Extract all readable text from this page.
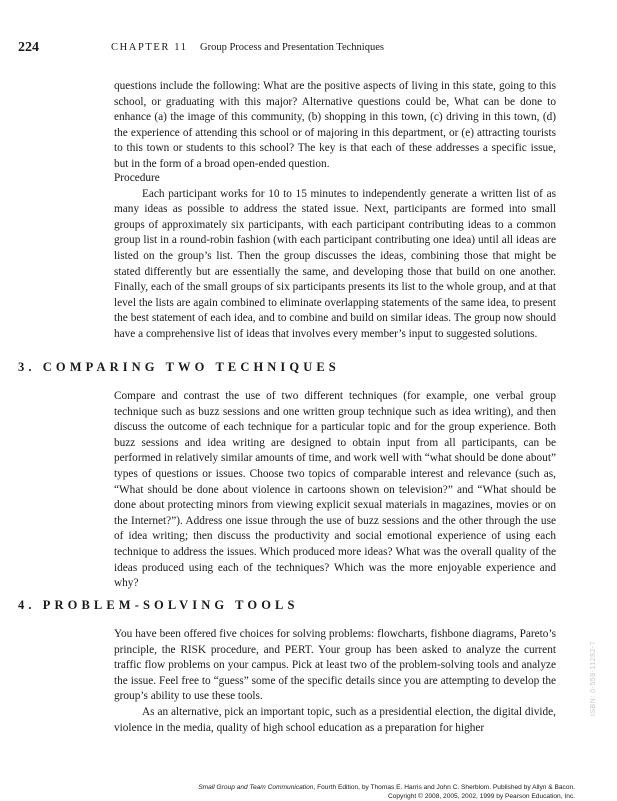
224	CHAPTER 11 Group Process and Presentation Techniques

questions include the following: What are the positive aspects of living in this state, going to this school, or graduating with this major? Alternative questions could be, What can be done to enhance (a) the image of this community, (b) shopping in this town, (c) driving in this town, (d) the experience of attending this school or of majoring in this department, or (e) attracting tourists to this town or students to this school? The key is that each of these addresses a specific issue, but in the form of a broad open-ended question.

Procedure

Each participant works for 10 to 15 minutes to independently generate a written list of as many ideas as possible to address the stated issue. Next, participants are formed into small groups of approximately six participants, with each participant contributing ideas to a common group list in a round-robin fashion (with each participant contributing one idea) until all ideas are listed on the group’s list. Then the group discusses the ideas, combining those that might be stated differently but are essentially the same, and developing those that build on one another. Finally, each of the small groups of six participants presents its list to the whole group, and at that level the lists are again combined to eliminate overlapping statements of the same idea, to present the best statement of each idea, and to combine and build on similar ideas. The group now should have a comprehensive list of ideas that involves every member’s input to suggested solutions.

3. COMPARING TWO TECHNIQUES

Compare and contrast the use of two different techniques (for example, one verbal group technique such as buzz sessions and one written group technique such as idea writing), and then discuss the outcome of each technique for a particular topic and for the group experience. Both buzz sessions and idea writing are designed to obtain input from all participants, can be performed in relatively similar amounts of time, and work well with “what should be done about” types of questions or issues. Choose two topics of comparable interest and relevance (such as, “What should be done about violence in cartoons shown on television?” and “What should be done about protecting minors from viewing explicit sexual materials in magazines, movies or on the Internet?”). Address one issue through the use of buzz sessions and the other through the use of idea writing; then discuss the productivity and social emotional experience of using each technique to address the issues. Which produced more ideas? What was the overall quality of the ideas produced using each of the techniques? Which was the more enjoyable experience and why?

4. PROBLEM-SOLVING TOOLS

You have been offered five choices for solving problems: flowcharts, fishbone diagrams, Pareto’s principle, the RISK procedure, and PERT. Your group has been asked to analyze the current traffic flow problems on your campus. Pick at least two of the problem-solving tools and analyze the issue. Feel free to “guess” some of the specific details since you are attempting to develop the group’s ability to use these tools.

As an alternative, pick an important topic, such as a presidential election, the digital divide, violence in the media, quality of high school education as a preparation for higher

Small Group and Team Communication, Fourth Edition, by Thomas E. Harris and John C. Sherblom. Published by Allyn & Bacon.
Copyright © 2008, 2005, 2002, 1999 by Pearson Education, Inc.
ISBN: 0-558-11282-7
